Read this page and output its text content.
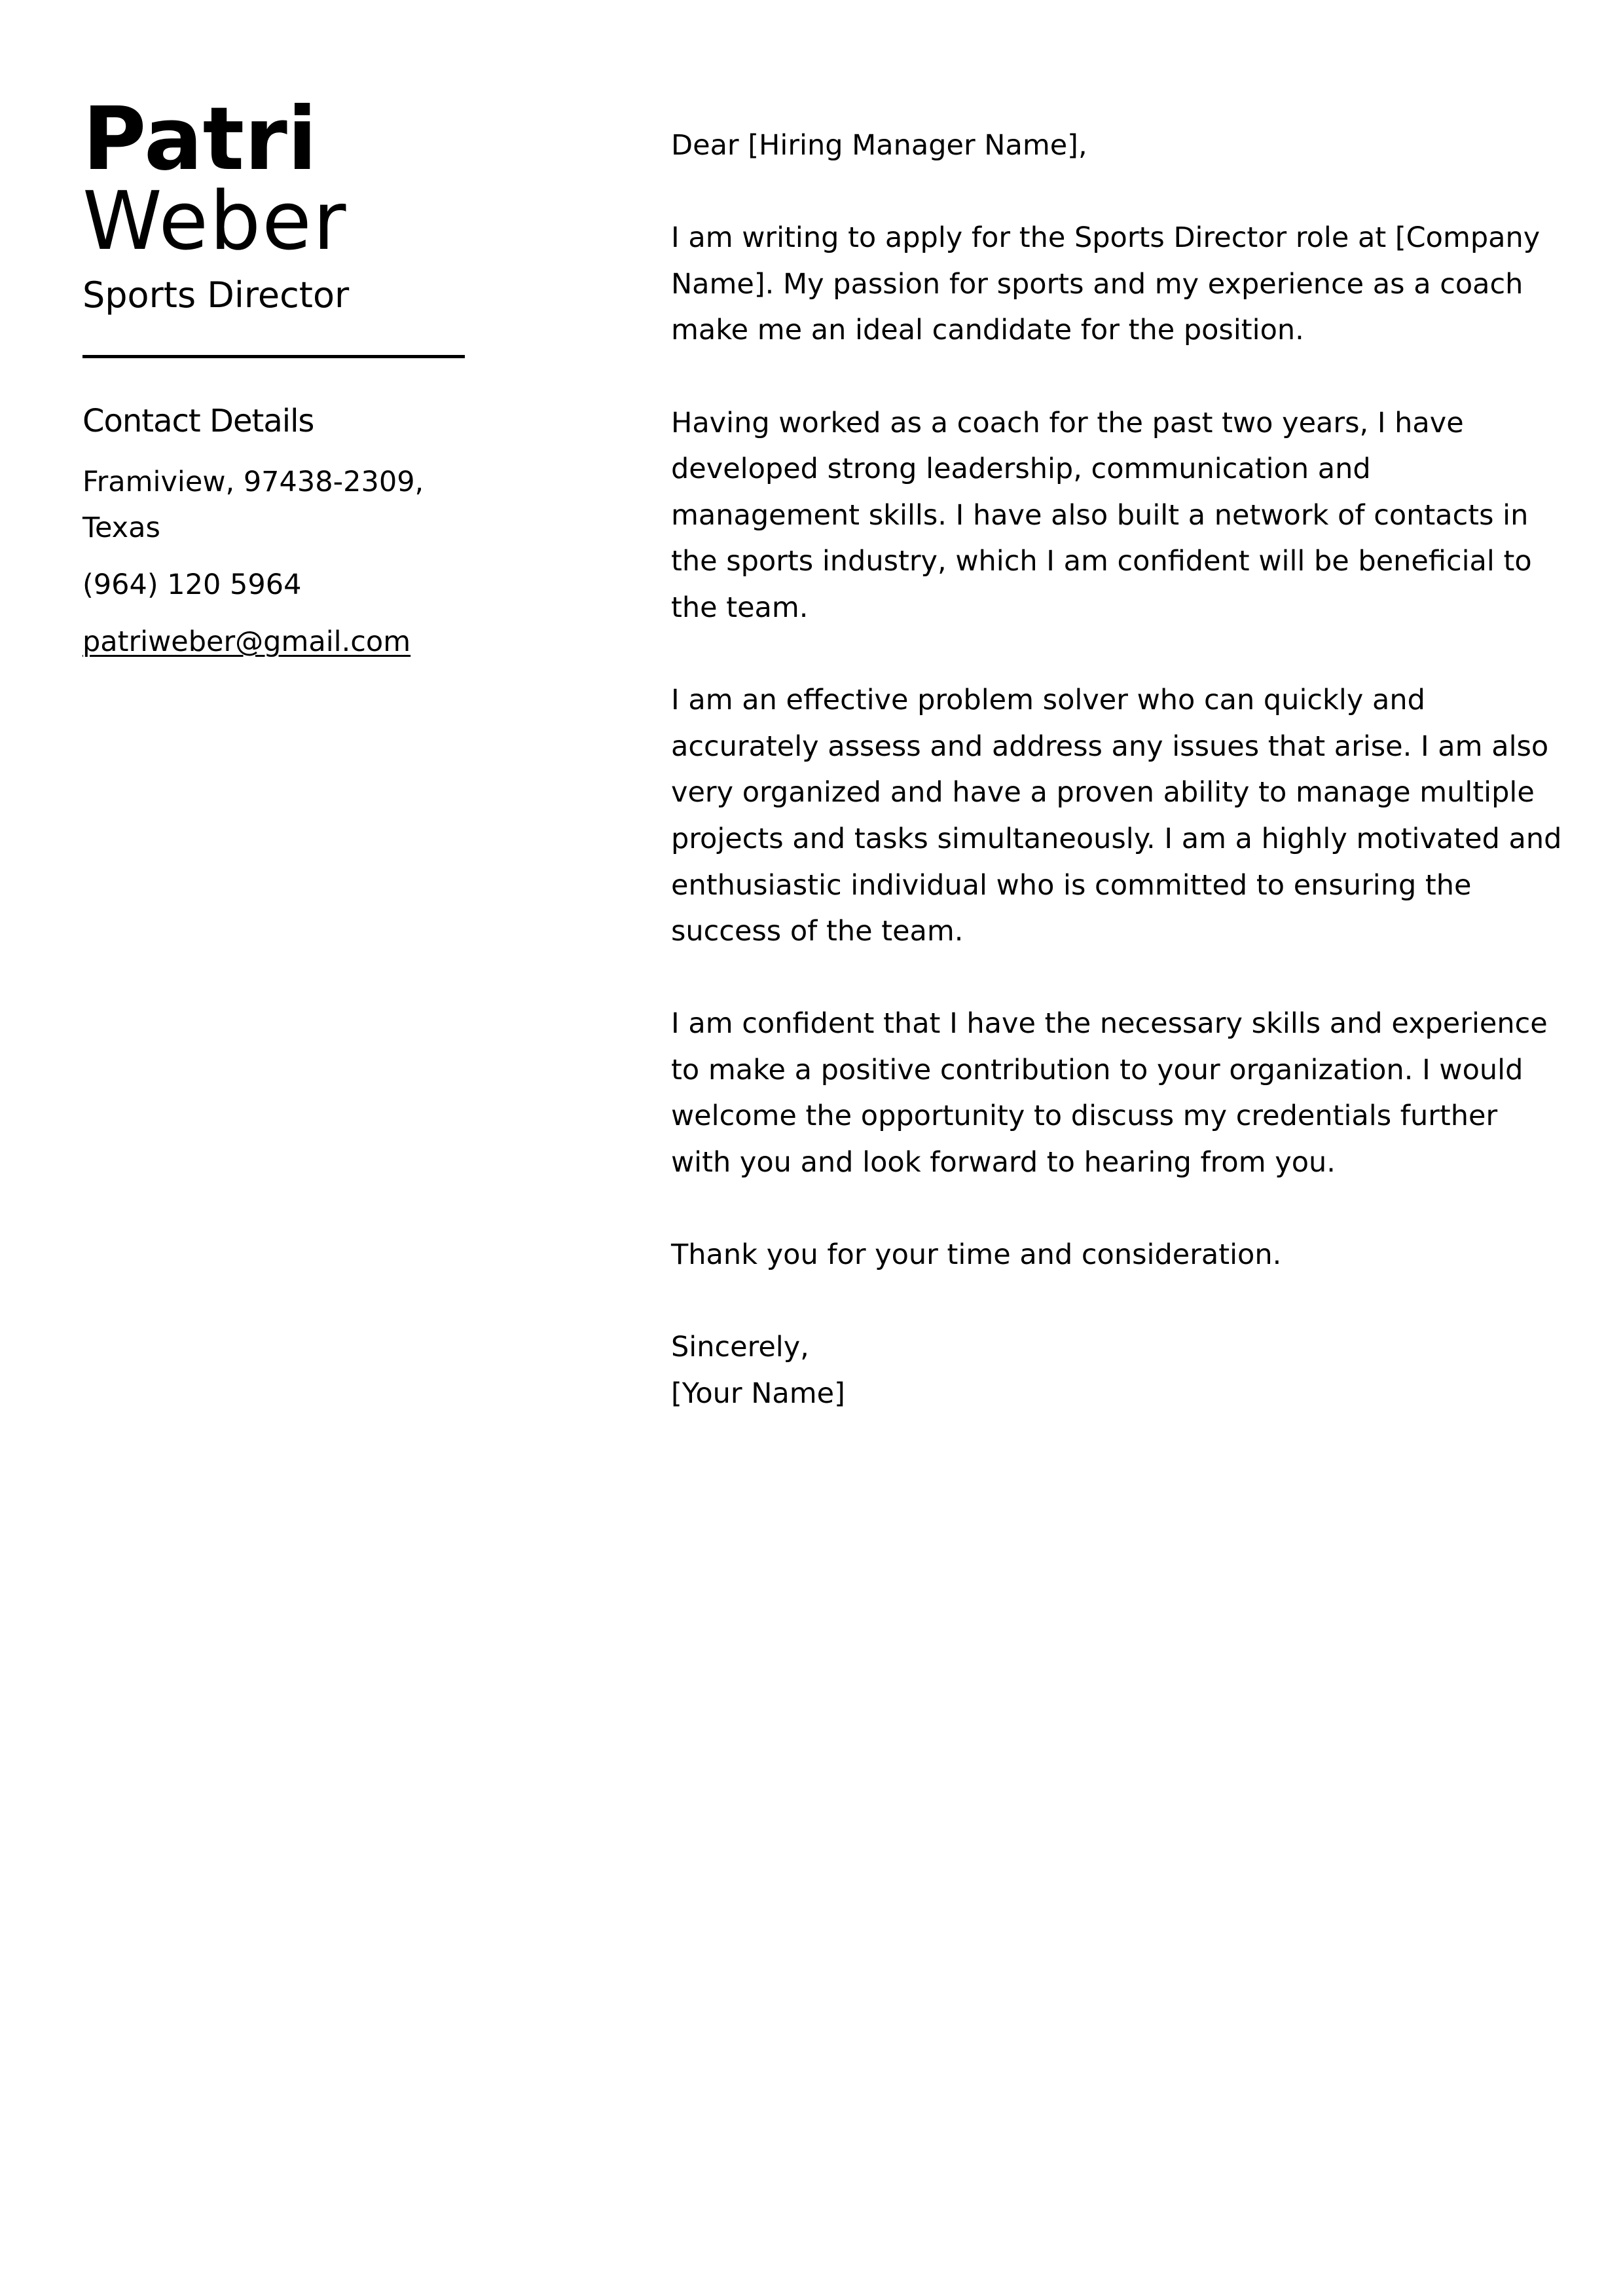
Patri
Weber
Sports Director
Contact Details
Framiview, 97438-2309,
Texas
(964) 120 5964
patriweber@gmail.com

Dear [Hiring Manager Name],

I am writing to apply for the Sports Director role at [Company
Name]. My passion for sports and my experience as a coach
make me an ideal candidate for the position.

Having worked as a coach for the past two years, I have
developed strong leadership, communication and
management skills. I have also built a network of contacts in
the sports industry, which I am confident will be beneficial to
the team.

I am an effective problem solver who can quickly and
accurately assess and address any issues that arise. I am also
very organized and have a proven ability to manage multiple
projects and tasks simultaneously. I am a highly motivated and
enthusiastic individual who is committed to ensuring the
success of the team.

I am confident that I have the necessary skills and experience
to make a positive contribution to your organization. I would
welcome the opportunity to discuss my credentials further
with you and look forward to hearing from you.

Thank you for your time and consideration.

Sincerely,
[Your Name]
